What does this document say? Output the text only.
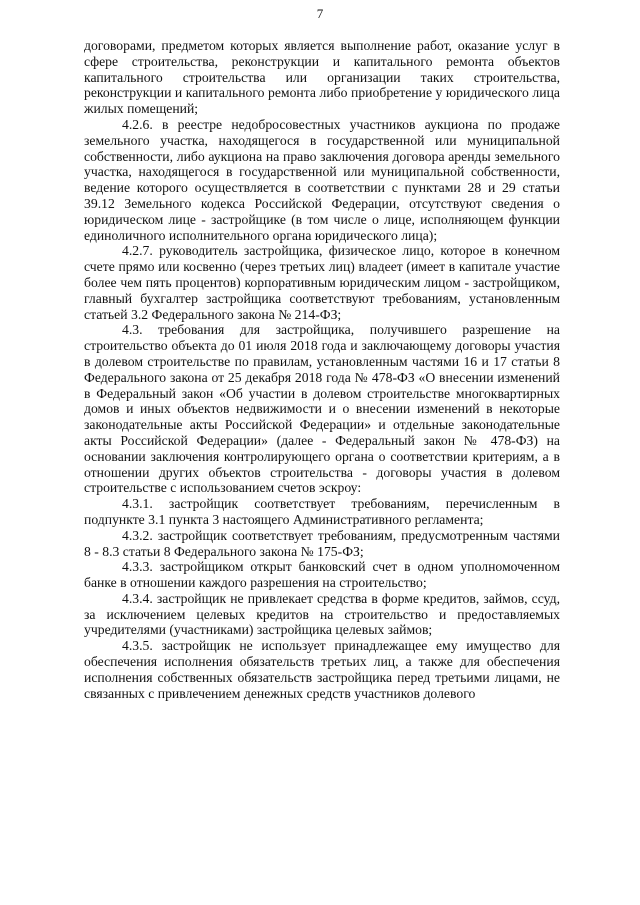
7

договорами, предметом которых является выполнение работ, оказание услуг в сфере строительства, реконструкции и капитального ремонта объектов капитального строительства или организации таких строительства, реконструкции и капитального ремонта либо приобретение у юридического лица жилых помещений;

4.2.6. в реестре недобросовестных участников аукциона по продаже земельного участка, находящегося в государственной или муниципальной собственности, либо аукциона на право заключения договора аренды земельного участка, находящегося в государственной или муниципальной собственности, ведение которого осуществляется в соответствии с пунктами 28 и 29 статьи 39.12 Земельного кодекса Российской Федерации, отсутствуют сведения о юридическом лице - застройщике (в том числе о лице, исполняющем функции единоличного исполнительного органа юридического лица);

4.2.7. руководитель застройщика, физическое лицо, которое в конечном счете прямо или косвенно (через третьих лиц) владеет (имеет в капитале участие более чем пять процентов) корпоративным юридическим лицом - застройщиком, главный бухгалтер застройщика соответствуют требованиям, установленным статьей 3.2 Федерального закона № 214-ФЗ;

4.3. требования для застройщика, получившего разрешение на строительство объекта до 01 июля 2018 года и заключающему договоры участия в долевом строительстве по правилам, установленным частями 16 и 17 статьи 8 Федерального закона от 25 декабря 2018 года № 478-ФЗ «О внесении изменений в Федеральный закон «Об участии в долевом строительстве многоквартирных домов и иных объектов недвижимости и о внесении изменений в некоторые законодательные акты Российской Федерации» и отдельные законодательные акты Российской Федерации» (далее - Федеральный закон № 478-ФЗ) на основании заключения контролирующего органа о соответствии критериям, а в отношении других объектов строительства - договоры участия в долевом строительстве с использованием счетов эскроу:

4.3.1. застройщик соответствует требованиям, перечисленным в подпункте 3.1 пункта 3 настоящего Административного регламента;

4.3.2. застройщик соответствует требованиям, предусмотренным частями 8 - 8.3 статьи 8 Федерального закона № 175-ФЗ;

4.3.3. застройщиком открыт банковский счет в одном уполномоченном банке в отношении каждого разрешения на строительство;

4.3.4. застройщик не привлекает средства в форме кредитов, займов, ссуд, за исключением целевых кредитов на строительство и предоставляемых учредителями (участниками) застройщика целевых займов;

4.3.5. застройщик не использует принадлежащее ему имущество для обеспечения исполнения обязательств третьих лиц, а также для обеспечения исполнения собственных обязательств застройщика перед третьими лицами, не связанных с привлечением денежных средств участников долевого
